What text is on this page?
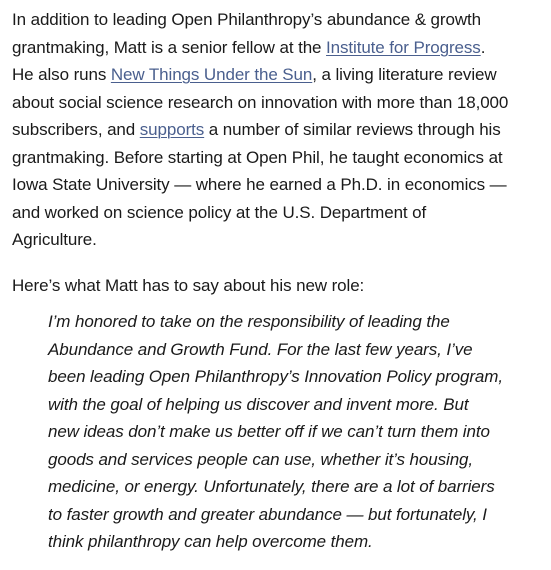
In addition to leading Open Philanthropy’s abundance & growth
grantmaking, Matt is a senior fellow at the Institute for Progress.
He also runs New Things Under the Sun, a living literature review
about social science research on innovation with more than 18,000
subscribers, and supports a number of similar reviews through his
grantmaking. Before starting at Open Phil, he taught economics at
Iowa State University — where he earned a Ph.D. in economics —
and worked on science policy at the U.S. Department of
Agriculture.

Here’s what Matt has to say about his new role:

I’m honored to take on the responsibility of leading the
Abundance and Growth Fund. For the last few years, I’ve
been leading Open Philanthropy’s Innovation Policy program,
with the goal of helping us discover and invent more. But
new ideas don’t make us better off if we can’t turn them into
goods and services people can use, whether it’s housing,
medicine, or energy. Unfortunately, there are a lot of barriers
to faster growth and greater abundance — but fortunately, I
think philanthropy can help overcome them.
